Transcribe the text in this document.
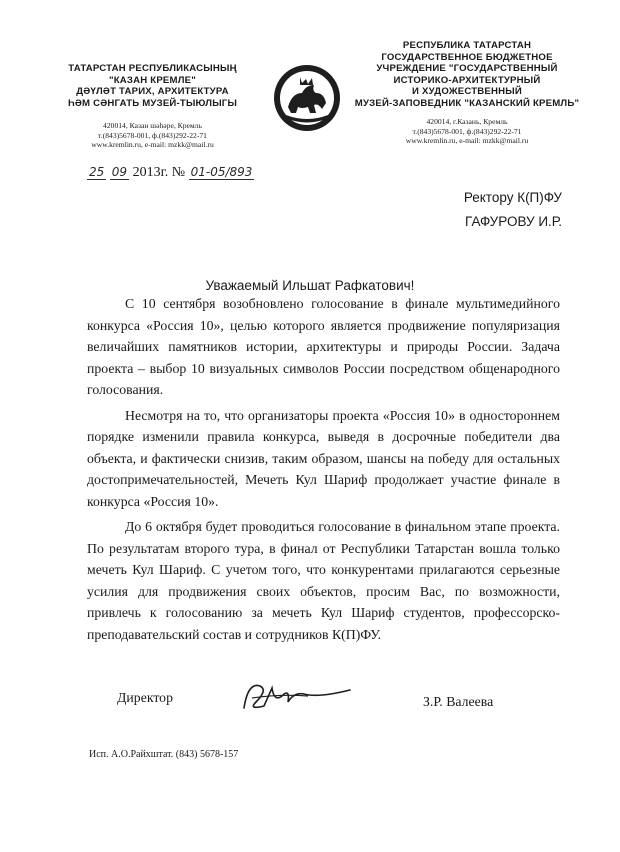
ТАТАРСТАН РЕСПУБЛИКАСЫНЫҢ
"КАЗАН КРЕМЛЕ"
ДӘҮЛӘТ ТАРИХ, АРХИТЕКТУРА
ҺӘМ СӘНГАТЬ МУЗЕЙ-ТЫЮЛЫГЫ
420014, Казан шәһәре, Кремль
т.(843)5678-001, ф.(843)292-22-71
www.kremlin.ru, e-mail: mzkk@mail.ru
РЕСПУБЛИКА ТАТАРСТАН
ГОСУДАРСТВЕННОЕ БЮДЖЕТНОЕ
УЧРЕЖДЕНИЕ "ГОСУДАРСТВЕННЫЙ
ИСТОРИКО-АРХИТЕКТУРНЫЙ
И ХУДОЖЕСТВЕННЫЙ
МУЗЕЙ-ЗАПОВЕДНИК "КАЗАНСКИЙ КРЕМЛЬ"
420014, г.Казань, Кремль
т.(843)5678-001, ф.(843)292-22-71
www.kremlin.ru, e-mail: mzkk@mail.ru
25 09 2013г. № 01-05/893
Ректору К(П)ФУ
ГАФУРОВУ И.Р.
Уважаемый Ильшат Рафкатович!

С 10 сентября возобновлено голосование в финале мультимедийного конкурса «Россия 10», целью которого является продвижение популяризация величайших памятников истории, архитектуры и природы России. Задача проекта – выбор 10 визуальных символов России посредством общенародного голосования.

Несмотря на то, что организаторы проекта «Россия 10» в одностороннем порядке изменили правила конкурса, выведя в досрочные победители два объекта, и фактически снизив, таким образом, шансы на победу для остальных достопримечательностей, Мечеть Кул Шариф продолжает участие финале в конкурса «Россия 10».

До 6 октября будет проводиться голосование в финальном этапе проекта. По результатам второго тура, в финал от Республики Татарстан вошла только мечеть Кул Шариф. С учетом того, что конкурентами прилагаются серьезные усилия для продвижения своих объектов, просим Вас, по возможности, привлечь к голосованию за мечеть Кул Шариф студентов, профессорско-преподавательский состав и сотрудников К(П)ФУ.

Директор	З.Р. Валеева
Исп. А.О.Райхштат. (843) 5678-157
